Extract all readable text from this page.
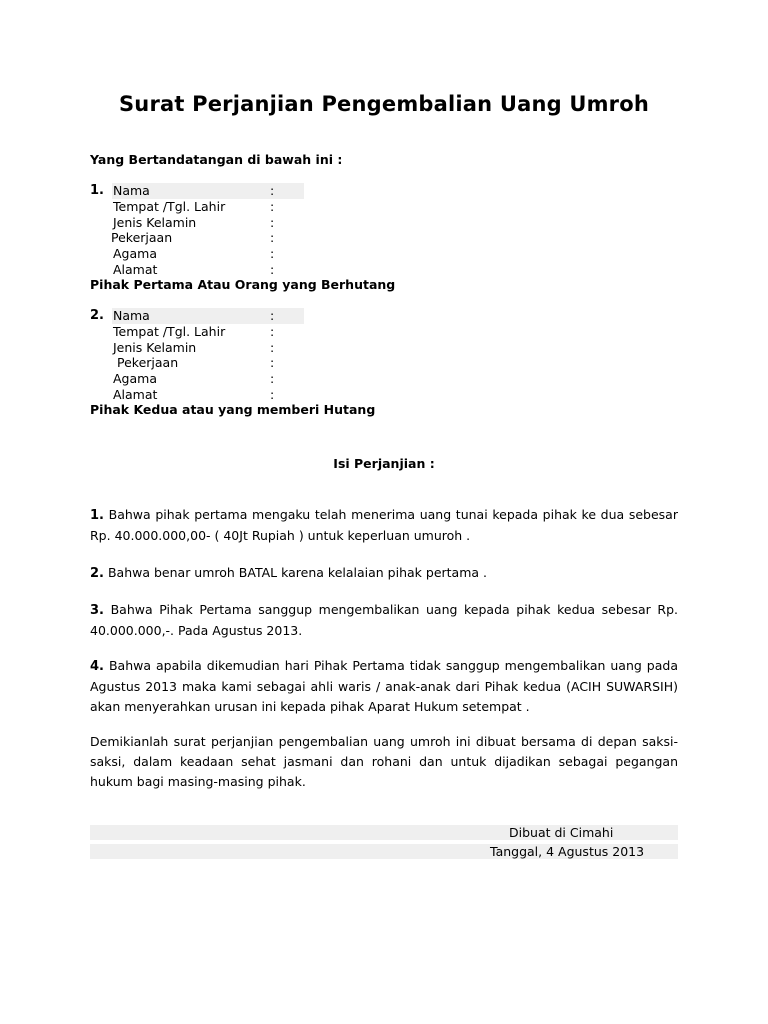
Surat Perjanjian Pengembalian Uang Umroh
Yang Bertandatangan di bawah ini :
1. Nama	:
Tempat /Tgl. Lahir	:
Jenis Kelamin	:
Pekerjaan	:
Agama	:
Alamat	:
Pihak Pertama Atau Orang yang Berhutang
2. Nama	:
Tempat /Tgl. Lahir	:
Jenis Kelamin	:
Pekerjaan	:
Agama	:
Alamat	:
Pihak Kedua atau yang memberi Hutang
Isi Perjanjian :
1. Bahwa pihak pertama mengaku telah menerima uang tunai kepada pihak ke dua sebesar Rp. 40.000.000,00- ( 40Jt Rupiah ) untuk keperluan umuroh .
2. Bahwa benar umroh BATAL karena kelalaian pihak pertama .
3. Bahwa Pihak Pertama sanggup mengembalikan uang kepada pihak kedua sebesar Rp. 40.000.000,-. Pada Agustus 2013.
4. Bahwa apabila dikemudian hari Pihak Pertama tidak sanggup mengembalikan uang pada Agustus 2013 maka kami sebagai ahli waris / anak-anak dari Pihak kedua (ACIH SUWARSIH) akan menyerahkan urusan ini kepada pihak Aparat Hukum setempat .
Demikianlah surat perjanjian pengembalian uang umroh ini dibuat bersama di depan saksi-saksi, dalam keadaan sehat jasmani dan rohani dan untuk dijadikan sebagai pegangan hukum bagi masing-masing pihak.
Dibuat di Cimahi
Tanggal, 4 Agustus 2013
